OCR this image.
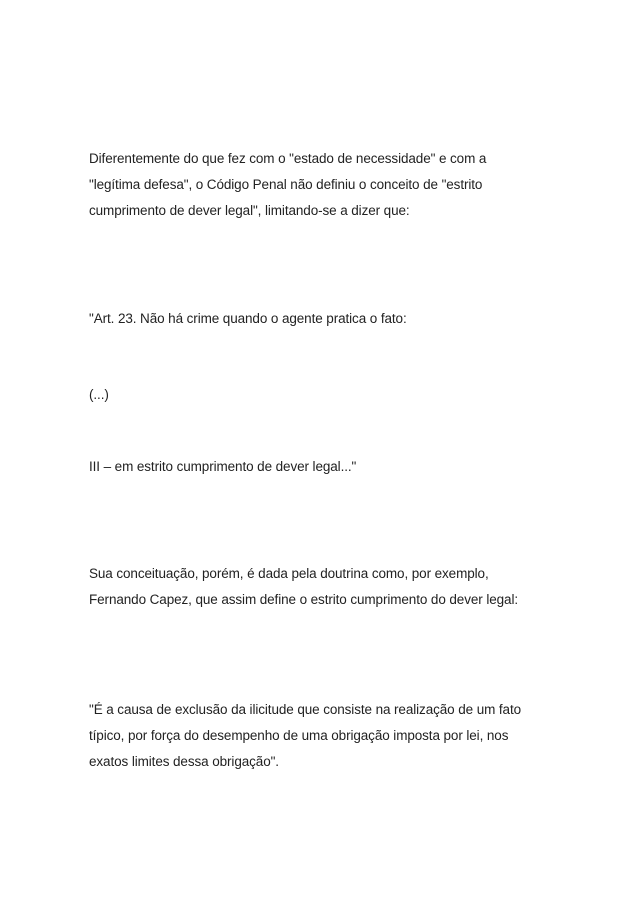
Diferentemente do que fez com o "estado de necessidade" e com a
"legítima defesa", o Código Penal não definiu o conceito de "estrito
cumprimento de dever legal", limitando-se a dizer que:

"Art. 23. Não há crime quando o agente pratica o fato:

(...)

III – em estrito cumprimento de dever legal..."

Sua conceituação, porém, é dada pela doutrina como, por exemplo,
Fernando Capez, que assim define o estrito cumprimento do dever legal:

"É a causa de exclusão da ilicitude que consiste na realização de um fato
típico, por força do desempenho de uma obrigação imposta por lei, nos
exatos limites dessa obrigação".
